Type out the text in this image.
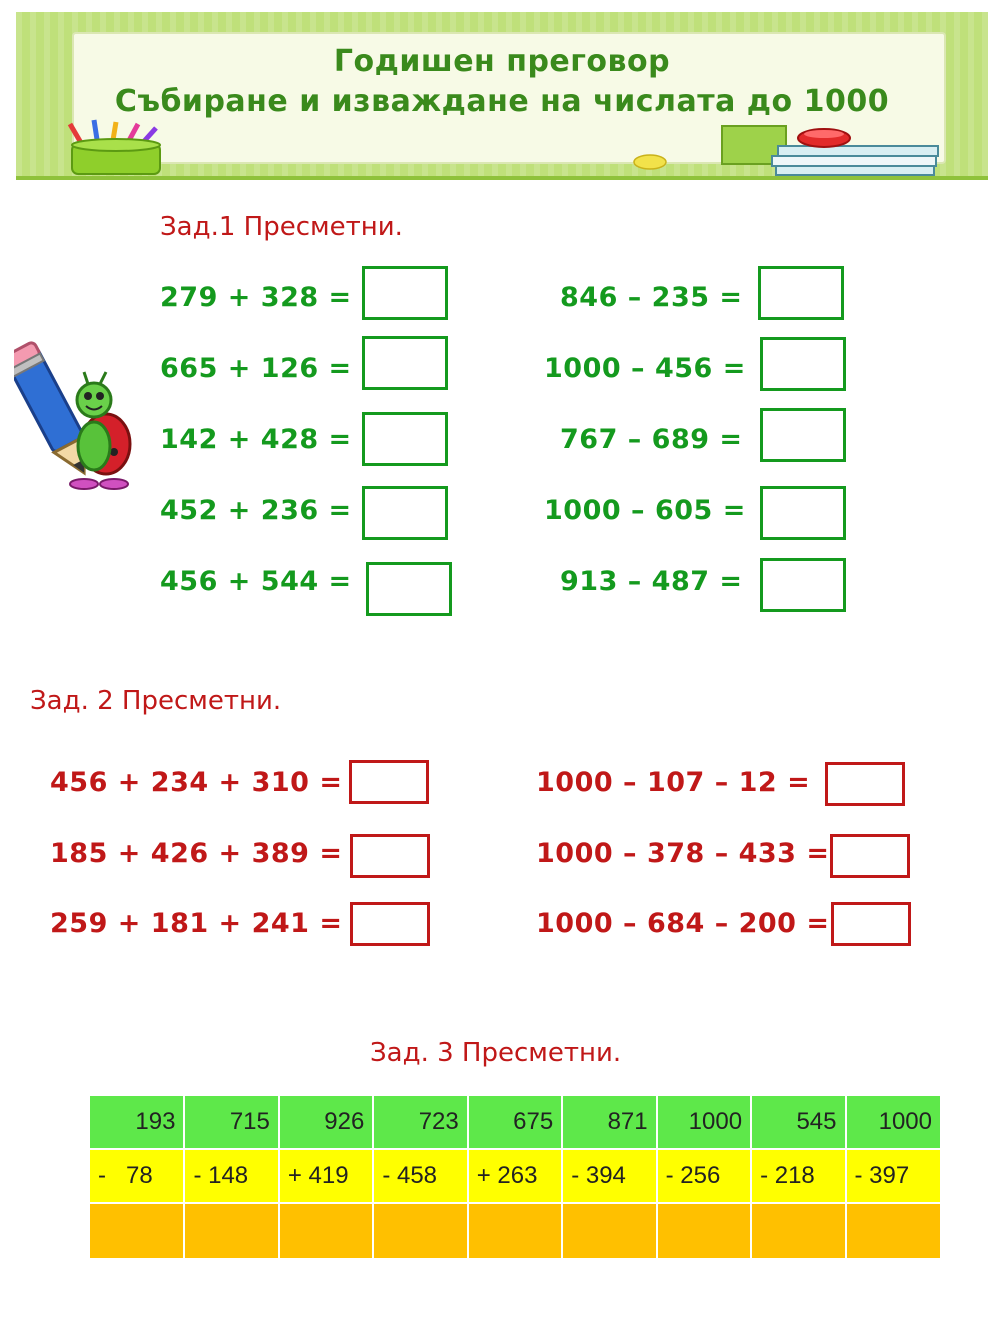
Годишен преговор
Събиране и изваждане на числата до 1000
Зад.1 Пресметни.
279 + 328 =
665 + 126 =
142 + 428 =
452 + 236 =
456 + 544 =
846 – 235 =
1000 – 456 =
767 – 689 =
1000 – 605 =
913 – 487 =
Зад. 2 Пресметни.
456 + 234 + 310 =
185 + 426 + 389 =
259 + 181 + 241 =
1000 – 107 – 12 =
1000 – 378 – 433 =
1000 – 684 – 200 =
Зад. 3 Пресметни.
193	715	926	723	675	871	1000	545	1000
-   78	- 148	+ 419	- 458	+ 263	- 394	- 256	- 218	- 397
